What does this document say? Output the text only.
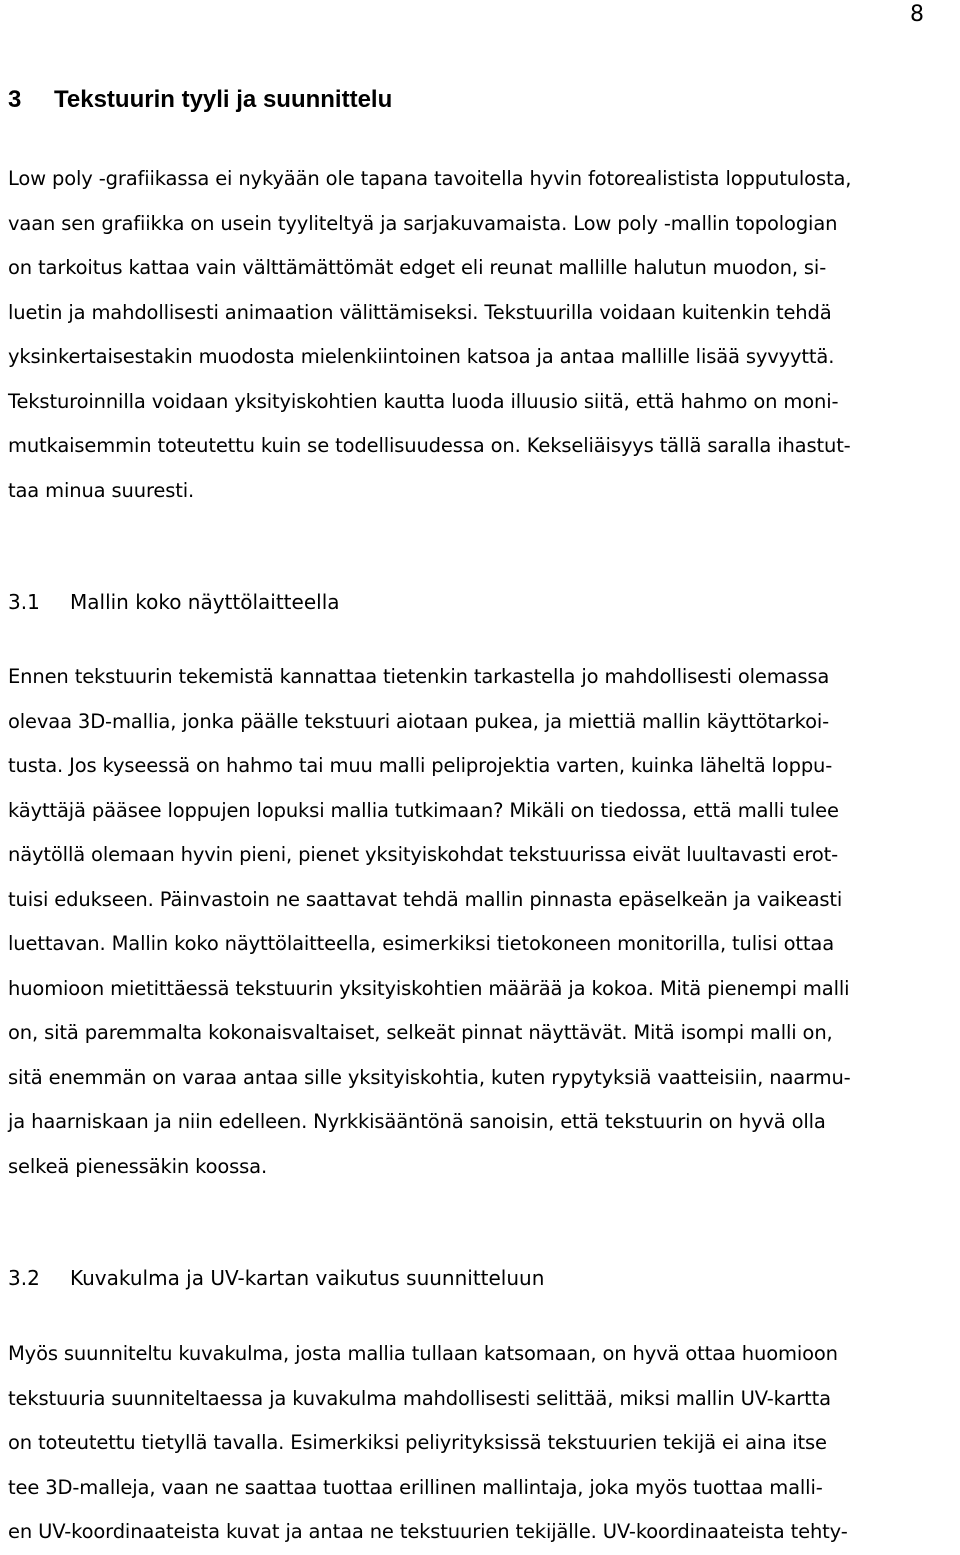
8
3 Tekstuurin tyyli ja suunnittelu
Low poly -grafiikassa ei nykyään ole tapana tavoitella hyvin fotorealistista lopputulosta,
vaan sen grafiikka on usein tyyliteltyä ja sarjakuvamaista. Low poly -mallin topologian
on tarkoitus kattaa vain välttämättömät edget eli reunat mallille halutun muodon, si-
luetin ja mahdollisesti animaation välittämiseksi. Tekstuurilla voidaan kuitenkin tehdä
yksinkertaisestakin muodosta mielenkiintoinen katsoa ja antaa mallille lisää syvyyttä.
Teksturoinnilla voidaan yksityiskohtien kautta luoda illuusio siitä, että hahmo on moni-
mutkaisemmin toteutettu kuin se todellisuudessa on. Kekseliäisyys tällä saralla ihastut-
taa minua suuresti.
3.1 Mallin koko näyttölaitteella
Ennen tekstuurin tekemistä kannattaa tietenkin tarkastella jo mahdollisesti olemassa
olevaa 3D-mallia, jonka päälle tekstuuri aiotaan pukea, ja miettiä mallin käyttötarkoi-
tusta. Jos kyseessä on hahmo tai muu malli peliprojektia varten, kuinka läheltä loppu-
käyttäjä pääsee loppujen lopuksi mallia tutkimaan? Mikäli on tiedossa, että malli tulee
näytöllä olemaan hyvin pieni, pienet yksityiskohdat tekstuurissa eivät luultavasti erot-
tuisi edukseen. Päinvastoin ne saattavat tehdä mallin pinnasta epäselkeän ja vaikeasti
luettavan. Mallin koko näyttölaitteella, esimerkiksi tietokoneen monitorilla, tulisi ottaa
huomioon mietittäessä tekstuurin yksityiskohtien määrää ja kokoa. Mitä pienempi malli
on, sitä paremmalta kokonaisvaltaiset, selkeät pinnat näyttävät. Mitä isompi malli on,
sitä enemmän on varaa antaa sille yksityiskohtia, kuten rypytyksiä vaatteisiin, naarmu-
ja haarniskaan ja niin edelleen. Nyrkkisääntönä sanoisin, että tekstuurin on hyvä olla
selkeä pienessäkin koossa.
3.2 Kuvakulma ja UV-kartan vaikutus suunnitteluun
Myös suunniteltu kuvakulma, josta mallia tullaan katsomaan, on hyvä ottaa huomioon
tekstuuria suunniteltaessa ja kuvakulma mahdollisesti selittää, miksi mallin UV-kartta
on toteutettu tietyllä tavalla. Esimerkiksi peliyrityksissä tekstuurien tekijä ei aina itse
tee 3D-malleja, vaan ne saattaa tuottaa erillinen mallintaja, joka myös tuottaa malli-
en UV-koordinaateista kuvat ja antaa ne tekstuurien tekijälle. UV-koordinaateista tehty-
